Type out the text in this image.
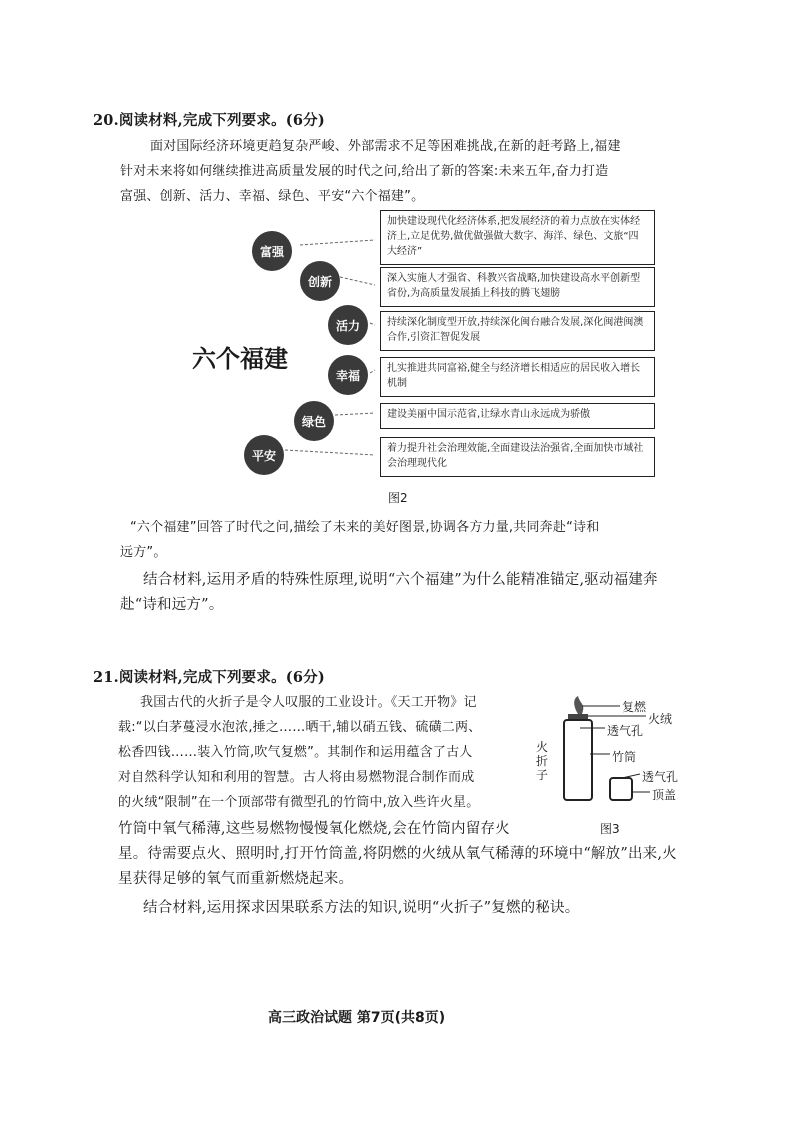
20.阅读材料,完成下列要求。(6分)
面对国际经济环境更趋复杂严峻、外部需求不足等困难挑战,在新的赶考路上,福建
针对未来将如何继续推进高质量发展的时代之问,给出了新的答案:未来五年,奋力打造
富强、创新、活力、幸福、绿色、平安“六个福建”。
富强
创新
活力
幸福
绿色
平安
六个福建
加快建设现代化经济体系,把发展经济的着力点放在实体经济上,立足优势,做优做强做大数字、海洋、绿色、文旅“四大经济”
深入实施人才强省、科教兴省战略,加快建设高水平创新型省份,为高质量发展插上科技的腾飞翅膀
持续深化制度型开放,持续深化闽台融合发展,深化闽港闽澳合作,引资汇智促发展
扎实推进共同富裕,健全与经济增长相适应的居民收入增长机制
建设美丽中国示范省,让绿水青山永远成为骄傲
着力提升社会治理效能,全面建设法治强省,全面加快市域社会治理现代化
图2
“六个福建”回答了时代之问,描绘了未来的美好图景,协调各方力量,共同奔赴“诗和
远方”。
结合材料,运用矛盾的特殊性原理,说明“六个福建”为什么能精准锚定,驱动福建奔
赴“诗和远方”。
21.阅读材料,完成下列要求。(6分)
我国古代的火折子是令人叹服的工业设计。《天工开物》记
载:“以白茅蔓浸水泡浓,捶之……晒干,辅以硝五钱、硫磺二两、
松香四钱……装入竹筒,吹气复燃”。其制作和运用蕴含了古人
对自然科学认知和利用的智慧。古人将由易燃物混合制作而成
的火绒“限制”在一个顶部带有微型孔的竹筒中,放入些许火星。
竹筒中氧气稀薄,这些易燃物慢慢氧化燃烧,会在竹筒内留存火
星。待需要点火、照明时,打开竹筒盖,将阴燃的火绒从氧气稀薄的环境中“解放”出来,火
星获得足够的氧气而重新燃烧起来。
结合材料,运用探求因果联系方法的知识,说明“火折子”复燃的秘诀。
复燃
火绒
透气孔
竹筒
透气孔
顶盖
火折子
图3
高三政治试题 第7页(共8页)
